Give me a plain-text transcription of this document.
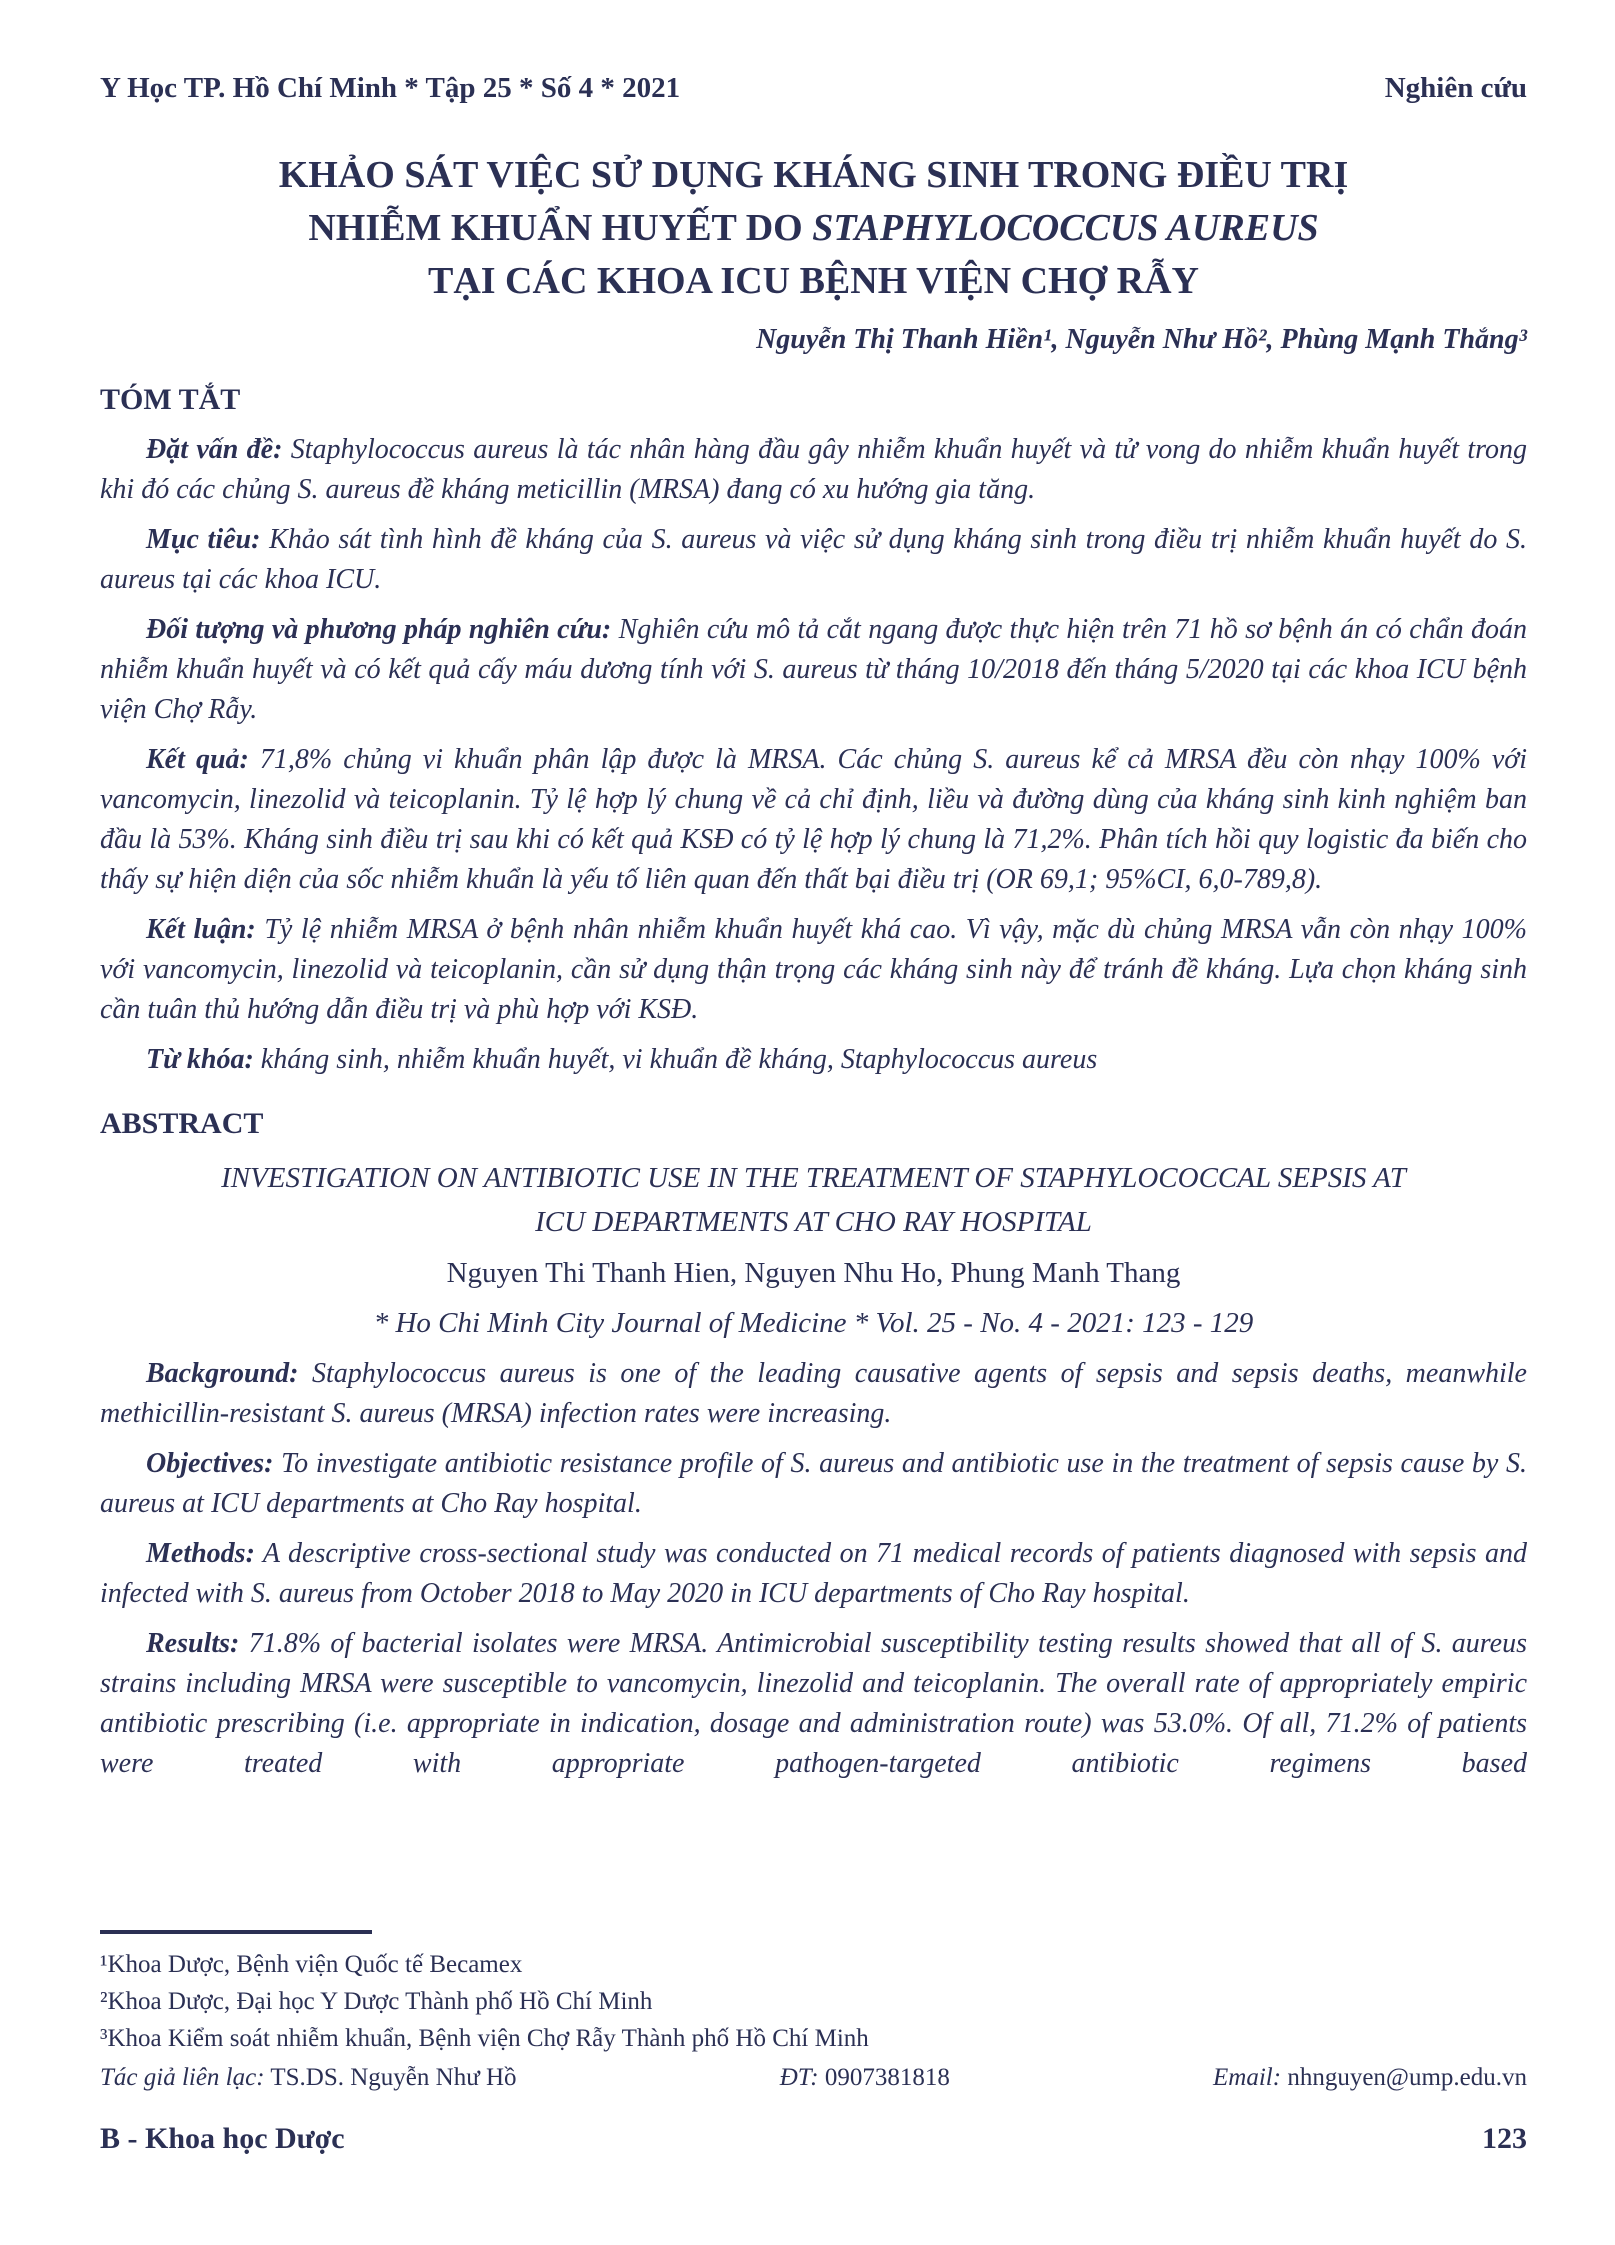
Y Học TP. Hồ Chí Minh * Tập 25 * Số 4 * 2021	Nghiên cứu
KHẢO SÁT VIỆC SỬ DỤNG KHÁNG SINH TRONG ĐIỀU TRỊ
NHIỄM KHUẨN HUYẾT DO STAPHYLOCOCCUS AUREUS
TẠI CÁC KHOA ICU BỆNH VIỆN CHỢ RẪY
Nguyễn Thị Thanh Hiền¹, Nguyễn Như Hồ², Phùng Mạnh Thắng³
TÓM TẮT

Đặt vấn đề: Staphylococcus aureus là tác nhân hàng đầu gây nhiễm khuẩn huyết và tử vong do nhiễm khuẩn huyết trong khi đó các chủng S. aureus đề kháng meticillin (MRSA) đang có xu hướng gia tăng.

Mục tiêu: Khảo sát tình hình đề kháng của S. aureus và việc sử dụng kháng sinh trong điều trị nhiễm khuẩn huyết do S. aureus tại các khoa ICU.

Đối tượng và phương pháp nghiên cứu: Nghiên cứu mô tả cắt ngang được thực hiện trên 71 hồ sơ bệnh án có chẩn đoán nhiễm khuẩn huyết và có kết quả cấy máu dương tính với S. aureus từ tháng 10/2018 đến tháng 5/2020 tại các khoa ICU bệnh viện Chợ Rẫy.

Kết quả: 71,8% chủng vi khuẩn phân lập được là MRSA. Các chủng S. aureus kể cả MRSA đều còn nhạy 100% với vancomycin, linezolid và teicoplanin. Tỷ lệ hợp lý chung về cả chỉ định, liều và đường dùng của kháng sinh kinh nghiệm ban đầu là 53%. Kháng sinh điều trị sau khi có kết quả KSĐ có tỷ lệ hợp lý chung là 71,2%. Phân tích hồi quy logistic đa biến cho thấy sự hiện diện của sốc nhiễm khuẩn là yếu tố liên quan đến thất bại điều trị (OR 69,1; 95%CI, 6,0-789,8).

Kết luận: Tỷ lệ nhiễm MRSA ở bệnh nhân nhiễm khuẩn huyết khá cao. Vì vậy, mặc dù chủng MRSA vẫn còn nhạy 100% với vancomycin, linezolid và teicoplanin, cần sử dụng thận trọng các kháng sinh này để tránh đề kháng. Lựa chọn kháng sinh cần tuân thủ hướng dẫn điều trị và phù hợp với KSĐ.

Từ khóa: kháng sinh, nhiễm khuẩn huyết, vi khuẩn đề kháng, Staphylococcus aureus

ABSTRACT
INVESTIGATION ON ANTIBIOTIC USE IN THE TREATMENT OF STAPHYLOCOCCAL SEPSIS AT
ICU DEPARTMENTS AT CHO RAY HOSPITAL
Nguyen Thi Thanh Hien, Nguyen Nhu Ho, Phung Manh Thang
* Ho Chi Minh City Journal of Medicine * Vol. 25 - No. 4 - 2021: 123 - 129

Background: Staphylococcus aureus is one of the leading causative agents of sepsis and sepsis deaths, meanwhile methicillin-resistant S. aureus (MRSA) infection rates were increasing.

Objectives: To investigate antibiotic resistance profile of S. aureus and antibiotic use in the treatment of sepsis cause by S. aureus at ICU departments at Cho Ray hospital.

Methods: A descriptive cross-sectional study was conducted on 71 medical records of patients diagnosed with sepsis and infected with S. aureus from October 2018 to May 2020 in ICU departments of Cho Ray hospital.

Results: 71.8% of bacterial isolates were MRSA. Antimicrobial susceptibility testing results showed that all of S. aureus strains including MRSA were susceptible to vancomycin, linezolid and teicoplanin. The overall rate of appropriately empiric antibiotic prescribing (i.e. appropriate in indication, dosage and administration route) was 53.0%. Of all, 71.2% of patients were treated with appropriate pathogen-targeted antibiotic regimens based

¹Khoa Dược, Bệnh viện Quốc tế Becamex
²Khoa Dược, Đại học Y Dược Thành phố Hồ Chí Minh
³Khoa Kiểm soát nhiễm khuẩn, Bệnh viện Chợ Rẫy Thành phố Hồ Chí Minh
Tác giả liên lạc: TS.DS. Nguyễn Như Hồ	ĐT: 0907381818	Email: nhnguyen@ump.edu.vn
B - Khoa học Dược	123
